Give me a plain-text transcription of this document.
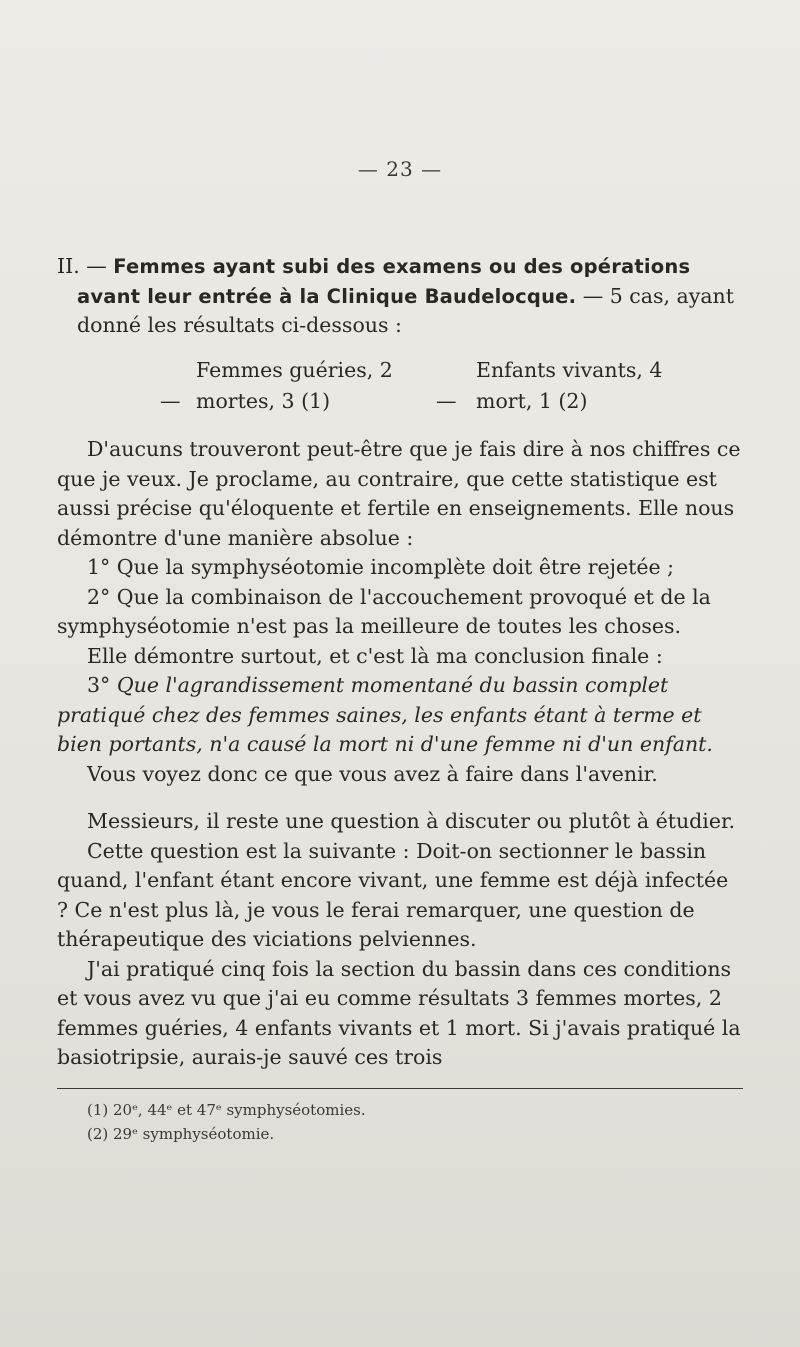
— 23 —

II. — Femmes ayant subi des examens ou des opérations avant leur entrée à la Clinique Baudelocque. — 5 cas, ayant donné les résultats ci-dessous :

Femmes guéries, 2	Enfants vivants, 4
— mortes, 3 (1)	— mort, 1 (2)

D'aucuns trouveront peut-être que je fais dire à nos chiffres ce que je veux. Je proclame, au contraire, que cette statistique est aussi précise qu'éloquente et fertile en enseignements. Elle nous démontre d'une manière absolue :

1° Que la symphyséotomie incomplète doit être rejetée ;

2° Que la combinaison de l'accouchement provoqué et de la symphyséotomie n'est pas la meilleure de toutes les choses.

Elle démontre surtout, et c'est là ma conclusion finale :

3° Que l'agrandissement momentané du bassin complet pratiqué chez des femmes saines, les enfants étant à terme et bien portants, n'a causé la mort ni d'une femme ni d'un enfant.

Vous voyez donc ce que vous avez à faire dans l'avenir.

Messieurs, il reste une question à discuter ou plutôt à étudier.

Cette question est la suivante : Doit-on sectionner le bassin quand, l'enfant étant encore vivant, une femme est déjà infectée ? Ce n'est plus là, je vous le ferai remarquer, une question de thérapeutique des viciations pelviennes.

J'ai pratiqué cinq fois la section du bassin dans ces conditions et vous avez vu que j'ai eu comme résultats 3 femmes mortes, 2 femmes guéries, 4 enfants vivants et 1 mort. Si j'avais pratiqué la basiotripsie, aurais-je sauvé ces trois

(1) 20ᵉ, 44ᵉ et 47ᵉ symphyséotomies.
(2) 29ᵉ symphyséotomie.
